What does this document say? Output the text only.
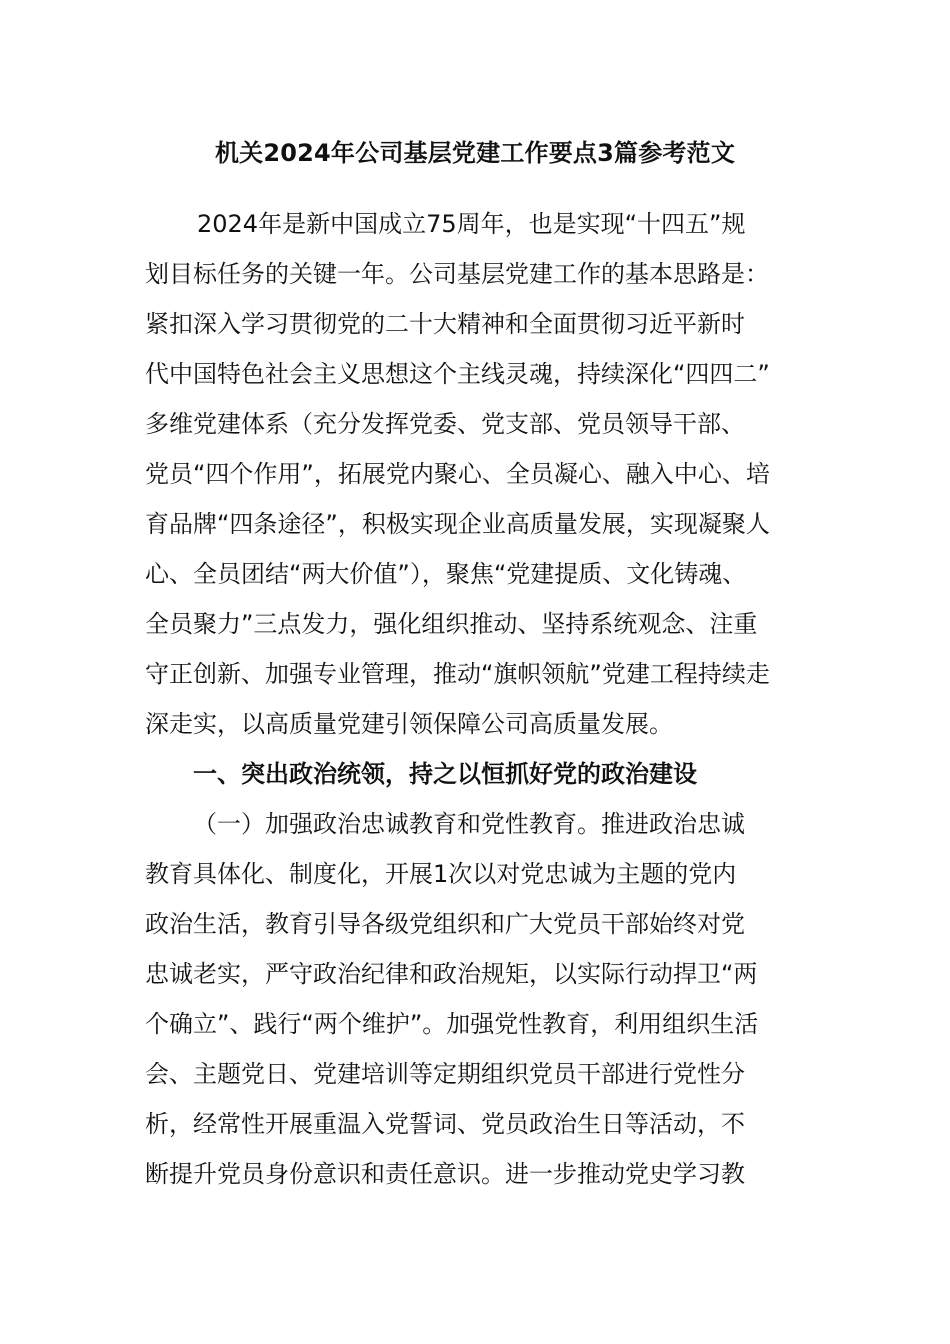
机关2024年公司基层党建工作要点3篇参考范文
2024年是新中国成立75周年，也是实现“十四五”规
划目标任务的关键一年。公司基层党建工作的基本思路是：
紧扣深入学习贯彻党的二十大精神和全面贯彻习近平新时
代中国特色社会主义思想这个主线灵魂，持续深化“四四二”
多维党建体系（充分发挥党委、党支部、党员领导干部、
党员“四个作用”，拓展党内聚心、全员凝心、融入中心、培
育品牌“四条途径”，积极实现企业高质量发展，实现凝聚人
心、全员团结“两大价值”），聚焦“党建提质、文化铸魂、
全员聚力”三点发力，强化组织推动、坚持系统观念、注重
守正创新、加强专业管理，推动“旗帜领航”党建工程持续走
深走实，以高质量党建引领保障公司高质量发展。
一、突出政治统领，持之以恒抓好党的政治建设
（一）加强政治忠诚教育和党性教育。推进政治忠诚
教育具体化、制度化，开展1次以对党忠诚为主题的党内
政治生活，教育引导各级党组织和广大党员干部始终对党
忠诚老实，严守政治纪律和政治规矩，以实际行动捍卫“两
个确立”、践行“两个维护”。加强党性教育，利用组织生活
会、主题党日、党建培训等定期组织党员干部进行党性分
析，经常性开展重温入党誓词、党员政治生日等活动，不
断提升党员身份意识和责任意识。进一步推动党史学习教
